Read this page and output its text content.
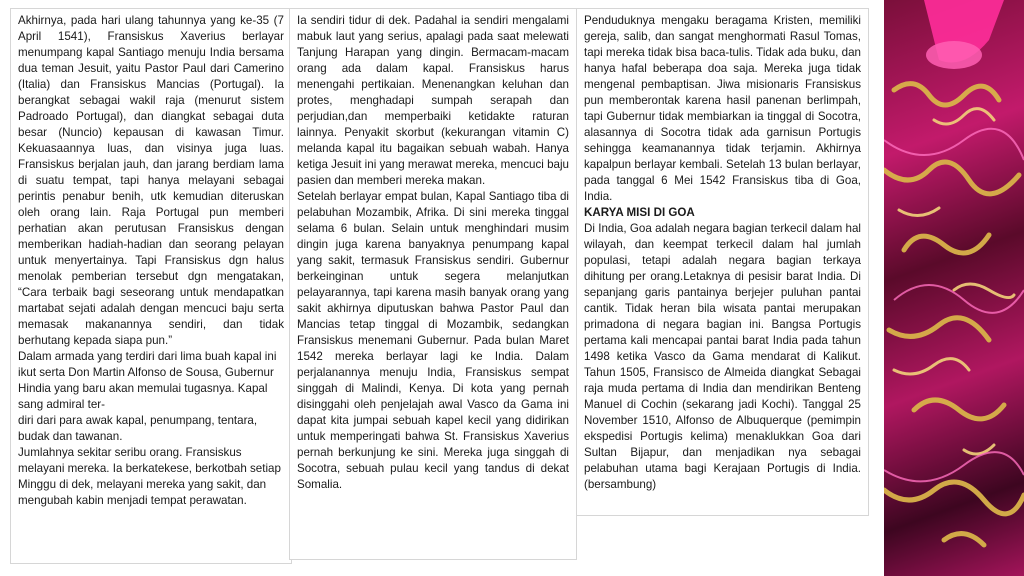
Akhirnya, pada hari ulang tahunnya yang ke-35 (7 April 1541), Fransiskus Xaverius berlayar menumpang kapal Santiago menuju India bersama dua teman Jesuit, yaitu Pastor Paul dari Camerino (Italia) dan Fransiskus Mancias (Portugal). Ia berangkat sebagai wakil raja (menurut sistem Padroado Portugal), dan diangkat sebagai duta besar (Nuncio) kepausan di kawasan Timur. Kekuasaannya luas, dan visinya juga luas. Fransiskus berjalan jauh, dan jarang berdiam lama di suatu tempat, tapi hanya melayani sebagai perintis penabur benih, utk kemudian diteruskan oleh orang lain. Raja Portugal pun memberi perhatian akan perutusan Fransiskus dengan memberikan hadiah-hadian dan seorang pelayan untuk menyertainya. Tapi Fransiskus dgn halus menolak pemberian tersebut dgn mengatakan, “Cara terbaik bagi seseorang untuk mendapatkan martabat sejati adalah dengan mencuci baju serta memasak makanannya sendiri, dan tidak berhutang kepada siapa pun.”

Dalam armada yang terdiri dari lima buah kapal ini ikut serta Don Martin Alfonso de Sousa, Gubernur Hindia yang baru akan memulai tugasnya. Kapal sang admiral ter-
diri dari para awak kapal, penumpang, tentara, budak dan tawanan.

Jumlahnya sekitar seribu orang. Fransiskus melayani mereka. Ia berkatekese, berkotbah setiap Minggu di dek, melayani mereka yang sakit, dan mengubah kabin menjadi tempat perawatan.

Ia sendiri tidur di dek. Padahal ia sendiri mengalami mabuk laut yang serius, apalagi pada saat melewati Tanjung Harapan yang dingin. Bermacam-macam orang ada dalam kapal. Fransiskus harus menengahi pertikaian. Menenangkan keluhan dan protes, menghadapi sumpah serapah dan perjudian,dan memperbaiki ketidakte raturan lainnya. Penyakit skorbut (kekurangan vitamin C) melanda kapal itu bagaikan sebuah wabah. Hanya ketiga Jesuit ini yang merawat mereka, mencuci baju pasien dan memberi mereka makan.

Setelah berlayar empat bulan, Kapal Santiago tiba di pelabuhan Mozambik, Afrika. Di sini mereka tinggal selama 6 bulan. Selain untuk menghindari musim dingin juga karena banyaknya penumpang kapal yang sakit, termasuk Fransiskus sendiri. Gubernur berkeinginan untuk segera melanjutkan pelayarannya, tapi karena masih banyak orang yang sakit akhirnya diputuskan bahwa Pastor Paul dan Mancias tetap tinggal di Mozambik, sedangkan Fransiskus menemani Gubernur. Pada bulan Maret 1542 mereka berlayar lagi ke India. Dalam perjalanannya menuju India, Fransiskus sempat singgah di Malindi, Kenya. Di kota yang pernah disinggahi oleh penjelajah awal Vasco da Gama ini dapat kita jumpai sebuah kapel kecil yang didirikan untuk memperingati bahwa St. Fransiskus Xaverius pernah berkunjung ke sini. Mereka juga singgah di Socotra, sebuah pulau kecil yang tandus di dekat Somalia.

Penduduknya mengaku beragama Kristen, memiliki gereja, salib, dan sangat menghormati Rasul Tomas, tapi mereka tidak bisa baca-tulis. Tidak ada buku, dan hanya hafal beberapa doa saja. Mereka juga tidak mengenal pembaptisan. Jiwa misionaris Fransiskus pun memberontak karena hasil panenan berlimpah, tapi Gubernur tidak membiarkan ia tinggal di Socotra, alasannya di Socotra tidak ada garnisun Portugis sehingga keamanannya tidak terjamin. Akhirnya kapalpun berlayar kembali. Setelah 13 bulan berlayar, pada tanggal 6 Mei 1542 Fransiskus tiba di Goa, India.

KARYA MISI DI GOA

Di India, Goa adalah negara bagian terkecil dalam hal wilayah, dan keempat terkecil dalam hal jumlah populasi, tetapi adalah negara bagian terkaya dihitung per orang.Letaknya di pesisir barat India. Di sepanjang garis pantainya berjejer puluhan pantai cantik. Tidak heran bila wisata pantai merupakan primadona di negara bagian ini. Bangsa Portugis pertama kali mencapai pantai barat India pada tahun 1498 ketika Vasco da Gama mendarat di Kalikut. Tahun 1505, Fransisco de Almeida diangkat Sebagai raja muda pertama di India dan mendirikan Benteng Manuel di Cochin (sekarang jadi Kochi). Tanggal 25 November 1510, Alfonso de Albuquerque (pemimpin ekspedisi Portugis kelima) menaklukkan Goa dari Sultan Bijapur, dan menjadikan nya sebagai pelabuhan utama bagi Kerajaan Portugis di India. (bersambung)
